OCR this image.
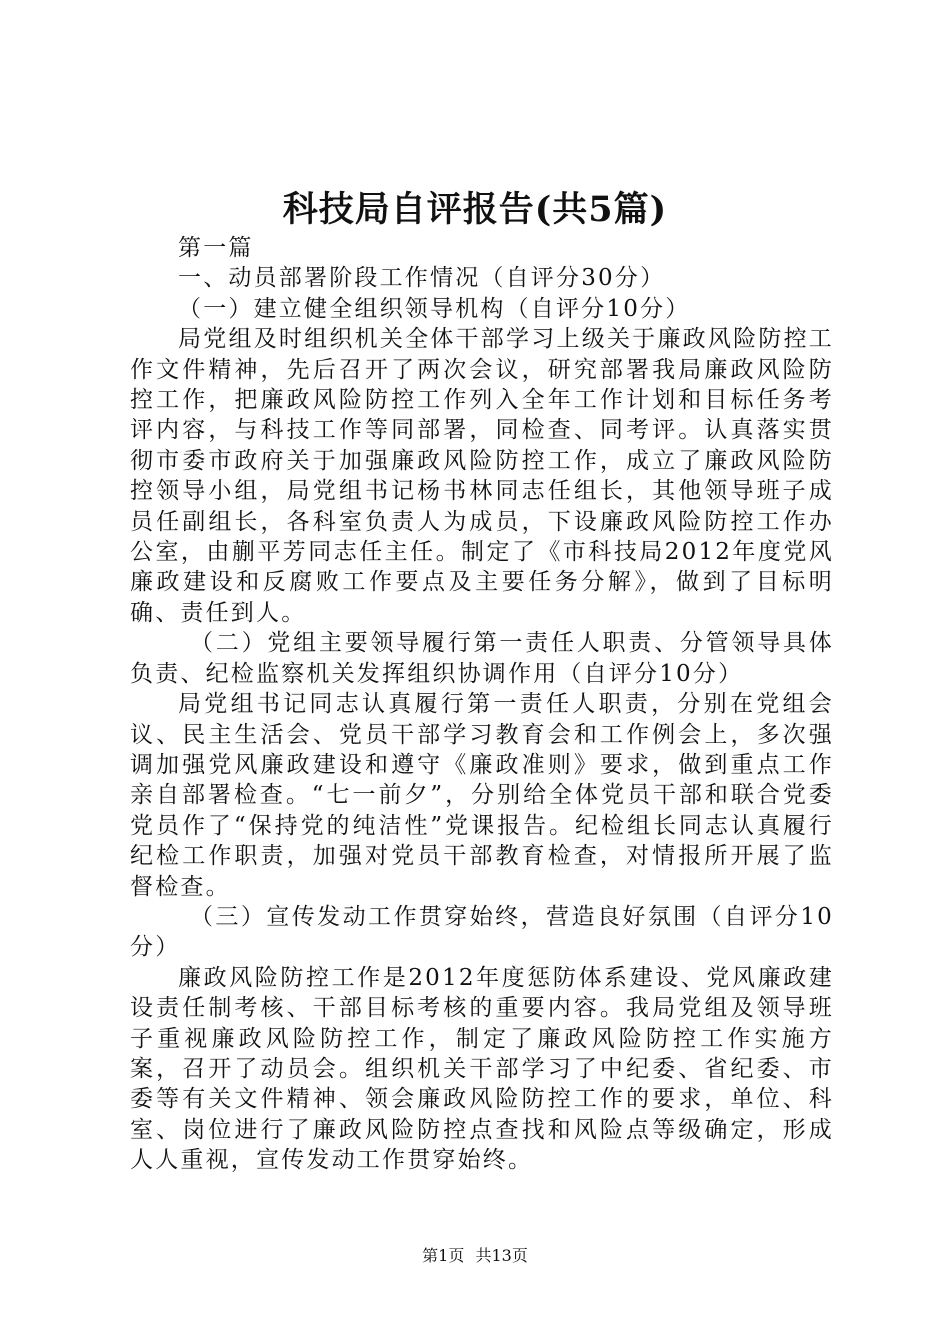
科技局自评报告(共5篇)

第一篇

一、动员部署阶段工作情况（自评分30分）

（一）建立健全组织领导机构（自评分10分）

局党组及时组织机关全体干部学习上级关于廉政风险防控工作文件精神，先后召开了两次会议，研究部署我局廉政风险防控工作，把廉政风险防控工作列入全年工作计划和目标任务考评内容，与科技工作等同部署，同检查、同考评。认真落实贯彻市委市政府关于加强廉政风险防控工作，成立了廉政风险防控领导小组，局党组书记杨书林同志任组长，其他领导班子成员任副组长，各科室负责人为成员，下设廉政风险防控工作办公室，由蒯平芳同志任主任。制定了《市科技局2012年度党风廉政建设和反腐败工作要点及主要任务分解》，做到了目标明确、责任到人。

（二）党组主要领导履行第一责任人职责、分管领导具体负责、纪检监察机关发挥组织协调作用（自评分10分）

局党组书记同志认真履行第一责任人职责，分别在党组会议、民主生活会、党员干部学习教育会和工作例会上，多次强调加强党风廉政建设和遵守《廉政准则》要求，做到重点工作亲自部署检查。“七一前夕”，分别给全体党员干部和联合党委党员作了“保持党的纯洁性”党课报告。纪检组长同志认真履行纪检工作职责，加强对党员干部教育检查，对情报所开展了监督检查。

（三）宣传发动工作贯穿始终，营造良好氛围（自评分10分）

廉政风险防控工作是2012年度惩防体系建设、党风廉政建设责任制考核、干部目标考核的重要内容。我局党组及领导班子重视廉政风险防控工作，制定了廉政风险防控工作实施方案，召开了动员会。组织机关干部学习了中纪委、省纪委、市委等有关文件精神、领会廉政风险防控工作的要求，单位、科室、岗位进行了廉政风险防控点查找和风险点等级确定，形成人人重视，宣传发动工作贯穿始终。

第1页 共13页
